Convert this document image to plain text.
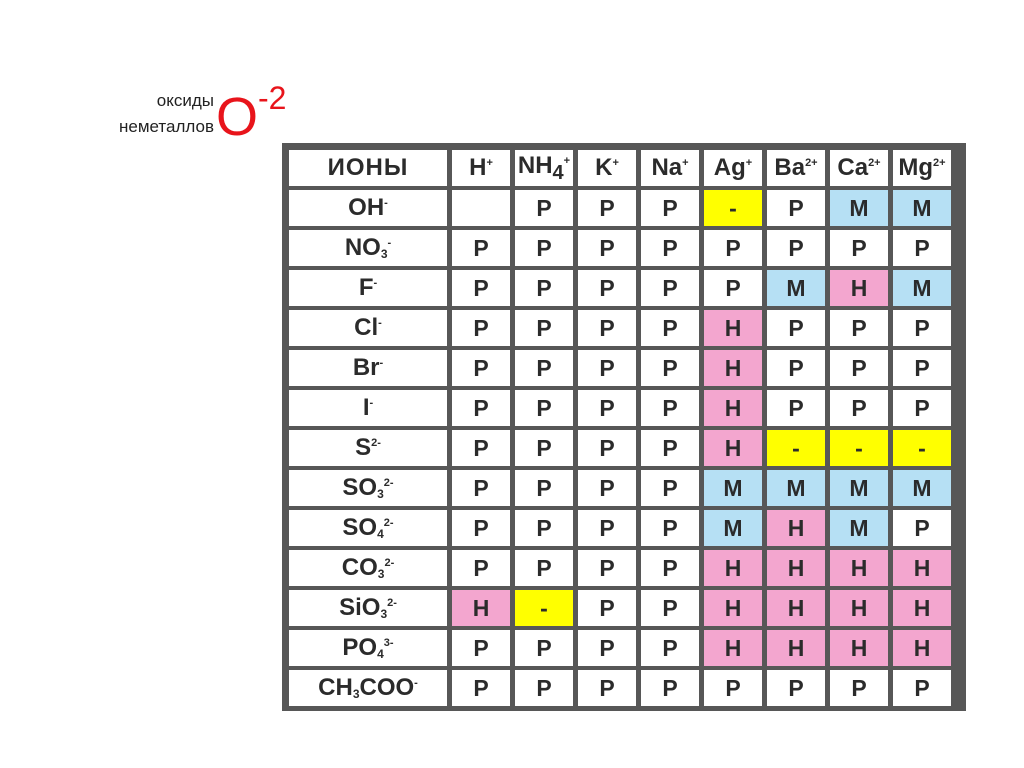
оксиды
неметаллов $O^{-2}$
ИОНЫ	H+	$NH_4^+$	K+	Na+	Ag+	$Ba^{2+}$	$Ca^{2+}$	$Mg^{2+}$
OH-		Р	Р	Р	-	Р	М	М
$NO_3^-$	Р	Р	Р	Р	Р	Р	Р	Р
F-	Р	Р	Р	Р	Р	М	Н	М
Cl-	Р	Р	Р	Р	Н	Р	Р	Р
Br-	Р	Р	Р	Р	Н	Р	Р	Р
I-	Р	Р	Р	Р	Н	Р	Р	Р
$S^{2-}$	Р	Р	Р	Р	Н	-	-	-
$SO_3^{2-}$	Р	Р	Р	Р	М	М	М	М
$SO_4^{2-}$	Р	Р	Р	Р	М	Н	М	Р
$CO_3^{2-}$	Р	Р	Р	Р	Н	Н	Н	Н
SiO$_3^{2-}$	Н	-	Р	Р	Н	Н	Н	Н
$PO_4^{3-}$	Р	Р	Р	Р	Н	Н	Н	Н
$CH_3COO^-$	Р	Р	Р	Р	Р	Р	Р	Р
